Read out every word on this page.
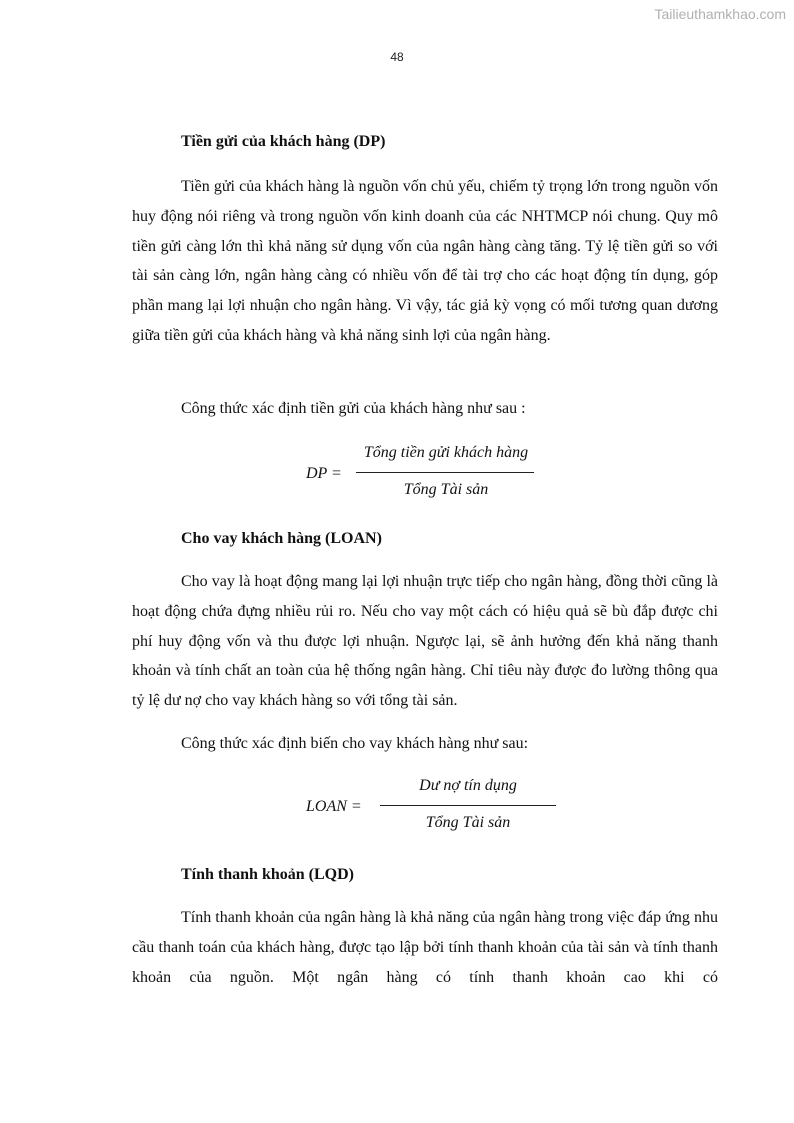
Tailieuthamkhao.com
48
Tiền gửi của khách hàng (DP)

Tiền gửi của khách hàng là nguồn vốn chủ yếu, chiếm tỷ trọng lớn trong nguồn vốn huy động nói riêng và trong nguồn vốn kinh doanh của các NHTMCP nói chung. Quy mô tiền gửi càng lớn thì khả năng sử dụng vốn của ngân hàng càng tăng. Tỷ lệ tiền gửi so với tài sản càng lớn, ngân hàng càng có nhiều vốn để tài trợ cho các hoạt động tín dụng, góp phần mang lại lợi nhuận cho ngân hàng. Vì vậy, tác giả kỳ vọng có mối tương quan dương giữa tiền gửi của khách hàng và khả năng sinh lợi của ngân hàng.

Công thức xác định tiền gửi của khách hàng như sau :
DP =
Tổng tiền gửi khách hàng
Tổng Tài sản
Cho vay khách hàng (LOAN)

Cho vay là hoạt động mang lại lợi nhuận trực tiếp cho ngân hàng, đồng thời cũng là hoạt động chứa đựng nhiều rủi ro. Nếu cho vay một cách có hiệu quả sẽ bù đắp được chi phí huy động vốn và thu được lợi nhuận. Ngược lại, sẽ ảnh hưởng đến khả năng thanh khoản và tính chất an toàn của hệ thống ngân hàng. Chỉ tiêu này được đo lường thông qua tỷ lệ dư nợ cho vay khách hàng so với tổng tài sản.

Công thức xác định biến cho vay khách hàng như sau:
LOAN =
Dư nợ tín dụng
Tổng Tài sản
Tính thanh khoản (LQD)

Tính thanh khoản của ngân hàng là khả năng của ngân hàng trong việc đáp ứng nhu cầu thanh toán của khách hàng, được tạo lập bởi tính thanh khoản của tài sản và tính thanh khoản của nguồn. Một ngân hàng có tính thanh khoản cao khi có
